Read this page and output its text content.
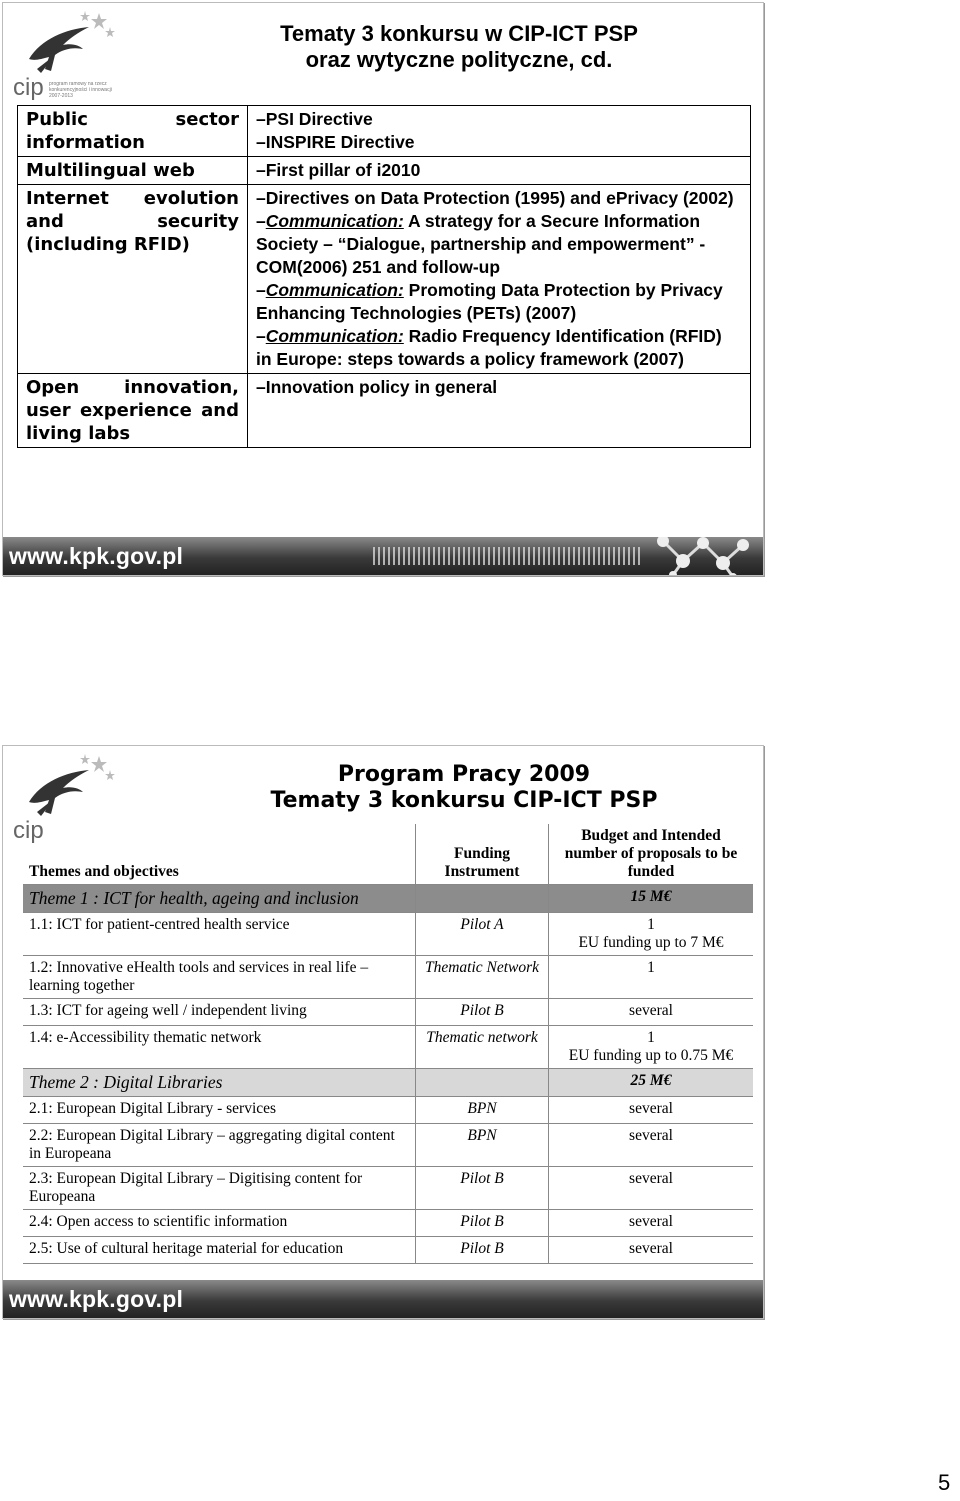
cip program ramowy na rzecz
konkurencyjności i innowacji
2007-2013
Tematy 3 konkursu w CIP-ICT PSP
oraz wytyczne polityczne, cd.
Public sector information	–PSI Directive
–INSPIRE Directive

Multilingual web	–First pillar of i2010

Internet evolution and security (including RFID)	–Directives on Data Protection (1995) and ePrivacy (2002)
–Communication: A strategy for a Secure Information Society – “Dialogue, partnership and empowerment” - COM(2006) 251 and follow-up
–Communication: Promoting Data Protection by Privacy Enhancing Technologies (PETs) (2007)
–Communication: Radio Frequency Identification (RFID) in Europe: steps towards a policy framework (2007)

Open innovation, user experience and living labs	–Innovation policy in general
www.kpk.gov.pl
cip
Program Pracy 2009
Tematy 3 konkursu CIP-ICT PSP
Themes and objectives	Funding Instrument	Budget and Intended number of proposals to be funded
Theme 1 : ICT for health, ageing and inclusion		15 M€
1.1: ICT for patient-centred health service	Pilot A	1
EU funding up to 7 M€

1.2: Innovative eHealth tools and services in real life – learning together	Thematic Network	1

1.3: ICT for ageing well / independent living	Pilot B	several

1.4: e-Accessibility thematic network	Thematic network	1
EU funding up to 0.75 M€

Theme 2 : Digital Libraries		25 M€
2.1: European Digital Library - services	BPN	several
2.2: European Digital Library – aggregating digital content in Europeana	BPN	several
2.3: European Digital Library – Digitising content for Europeana	Pilot B	several
2.4: Open access to scientific information	Pilot B	several
2.5: Use of cultural heritage material for education	Pilot B	several
www.kpk.gov.pl
5
